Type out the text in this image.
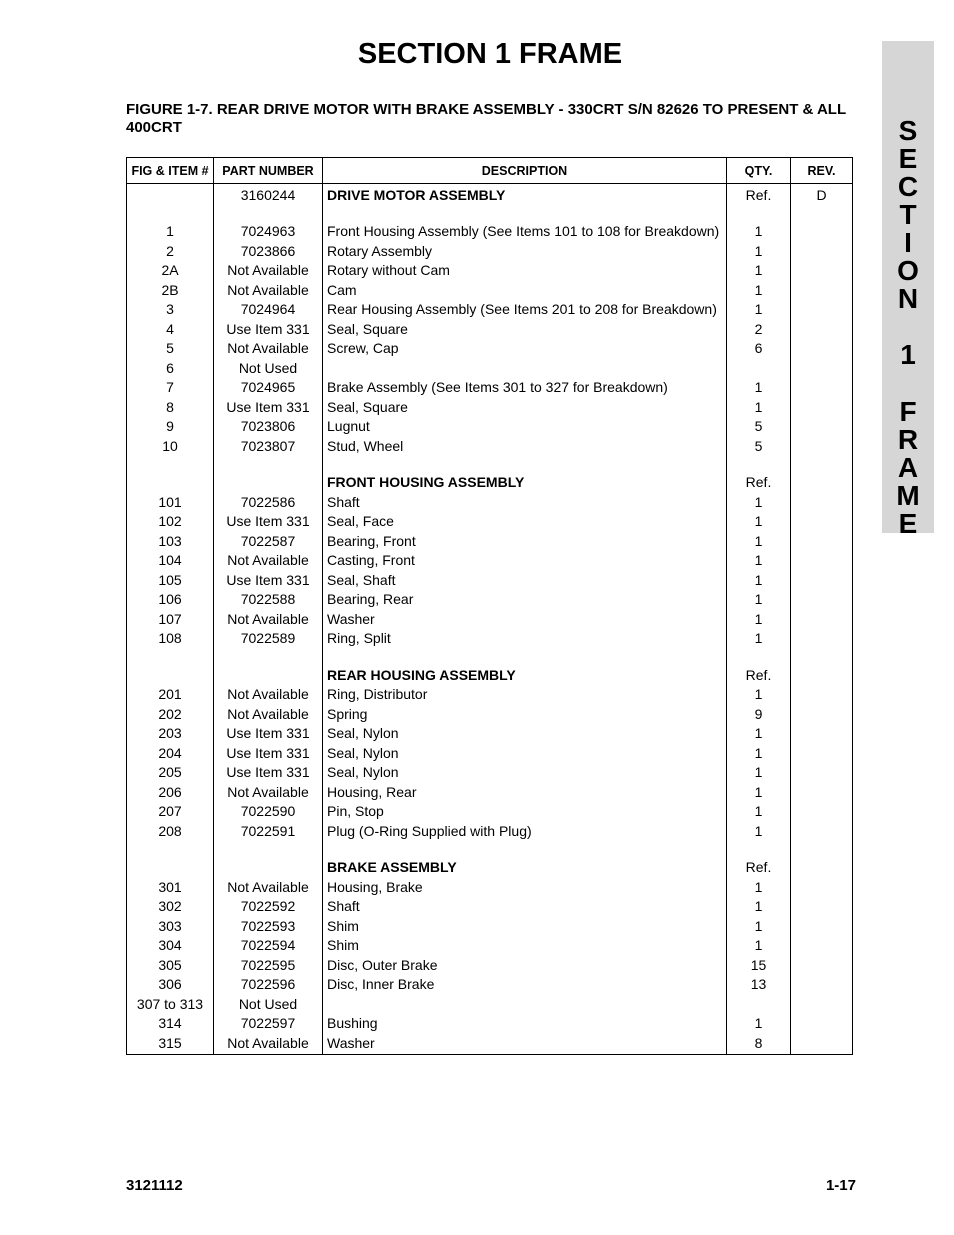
SECTION 1 FRAME
S
E
C
T
I
O
N
1
F
R
A
M
E

FIGURE 1-7. REAR DRIVE MOTOR WITH BRAKE ASSEMBLY - 330CRT S/N 82626 TO PRESENT & ALL 400CRT

FIG & ITEM #	PART NUMBER	DESCRIPTION	QTY.	REV.
	3160244	DRIVE MOTOR ASSEMBLY	Ref.	D

1	7024963	Front Housing Assembly (See Items 101 to 108 for Breakdown)	1	
2	7023866	Rotary Assembly	1	
2A	Not Available	Rotary without Cam	1	
2B	Not Available	Cam	1	
3	7024964	Rear Housing Assembly (See Items 201 to 208 for Breakdown)	1	
4	Use Item 331	Seal, Square	2	
5	Not Available	Screw, Cap	6	
6	Not Used			
7	7024965	Brake Assembly (See Items 301 to 327 for Breakdown)	1	
8	Use Item 331	Seal, Square	1	
9	7023806	Lugnut	5	
10	7023807	Stud, Wheel	5	

		FRONT HOUSING ASSEMBLY	Ref.	
101	7022586	Shaft	1	
102	Use Item 331	Seal, Face	1	
103	7022587	Bearing, Front	1	
104	Not Available	Casting, Front	1	
105	Use Item 331	Seal, Shaft	1	
106	7022588	Bearing, Rear	1	
107	Not Available	Washer	1	
108	7022589	Ring, Split	1	

		REAR HOUSING ASSEMBLY	Ref.	
201	Not Available	Ring, Distributor	1	
202	Not Available	Spring	9	
203	Use Item 331	Seal, Nylon	1	
204	Use Item 331	Seal, Nylon	1	
205	Use Item 331	Seal, Nylon	1	
206	Not Available	Housing, Rear	1	
207	7022590	Pin, Stop	1	
208	7022591	Plug (O-Ring Supplied with Plug)	1	

		BRAKE ASSEMBLY	Ref.	
301	Not Available	Housing, Brake	1	
302	7022592	Shaft	1	
303	7022593	Shim	1	
304	7022594	Shim	1	
305	7022595	Disc, Outer Brake	15	
306	7022596	Disc, Inner Brake	13	
307 to 313	Not Used			
314	7022597	Bushing	1	
315	Not Available	Washer	8	
3121112	1-17
